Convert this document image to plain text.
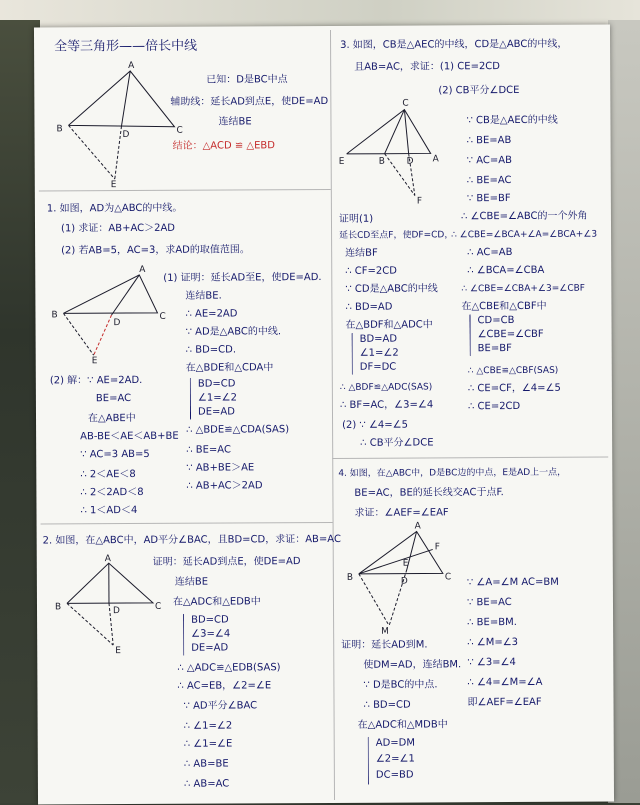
全等三角形——倍长中线
A
B	C
D
E
已知：D是BC中点
辅助线：延长AD到点E，使DE=AD
连结BE
结论：△ACD ≌ △EBD
1. 如图，AD为△ABC的中线。
(1) 求证：AB+AC＞2AD
(2) 若AB=5，AC=3，求AD的取值范围。
A
B	C
D
E
(1) 证明：延长AD至E，使DE=AD.
连结BE.
∴ AE=2AD
∵ AD是△ABC的中线.
∴ BD=CD.
在△BDE和△CDA中
BD=CD
∠1=∠2
DE=AD
∴ △BDE≌△CDA(SAS)
∴ BE=AC
∵ AB+BE＞AE
∴ AB+AC＞2AD
(2) 解：∵ AE=2AD.
BE=AC
在△ABE中
AB-BE＜AE＜AB+BE
∵ AC=3 AB=5
∴ 2＜AE＜8
∴ 2＜2AD＜8
∴ 1＜AD＜4
2. 如图，在△ABC中，AD平分∠BAC，且BD=CD，求证：AB=AC
A
B	C
D
E
证明：延长AD到点E，使DE=AD
连结BE
在△ADC和△EDB中
BD=CD
∠3=∠4
DE=AD
∴ △ADC≌△EDB(SAS)
∴ AC=EB，∠2=∠E
∵ AD平分∠BAC
∴ ∠1=∠2
∴ ∠1=∠E
∴ AB=BE
∴ AB=AC
3. 如图，CB是△AEC的中线，CD是△ABC的中线，
且AB=AC，求证：(1) CE=2CD
(2) CB平分∠DCE
C
E	B D A
F
∵ CB是△AEC的中线
∴ BE=AB
∵ AC=AB
∴ BE=AC
∵ BE=BF
∴ ∠CBE=∠ABC的一个外角
∴ ∠CBE=∠BCA+∠A=∠BCA+∠3
证明(1)
延长CD至点F，使DF=CD，
连结BF
∴ CF=2CD
∵ CD是△ABC的中线
∴ BD=AD
在△BDF和△ADC中
BD=AD
∠1=∠2
DF=DC
∴ △BDF≌△ADC(SAS)
∴ BF=AC，∠3=∠4
∴ AC=AB
∴ ∠BCA=∠CBA
∴ ∠CBE=∠CBA+∠3=∠CBF
在△CBE和△CBF中
CD=CB
∠CBE=∠CBF
BE=BF
∴ △CBE≌△CBF(SAS)
∴ CE=CF，∠4=∠5
∴ CE=2CD
(2) ∵ ∠4=∠5
∴ CB平分∠DCE
4. 如图，在△ABC中，D是BC边的中点，E是AD上一点，
BE=AC，BE的延长线交AC于点F.
求证：∠AEF=∠EAF
A
B	C
E
F
D
M
∵ ∠A=∠M AC=BM
∵ BE=AC
∴ BE=BM.
∴ ∠M=∠3
∵ ∠3=∠4
∴ ∠4=∠M=∠A
即∠AEF=∠EAF
证明：延长AD到M.
使DM=AD，连结BM.
∵ D是BC的中点.
∴ BD=CD
在△ADC和△MDB中
AD=DM
∠2=∠1
DC=BD
